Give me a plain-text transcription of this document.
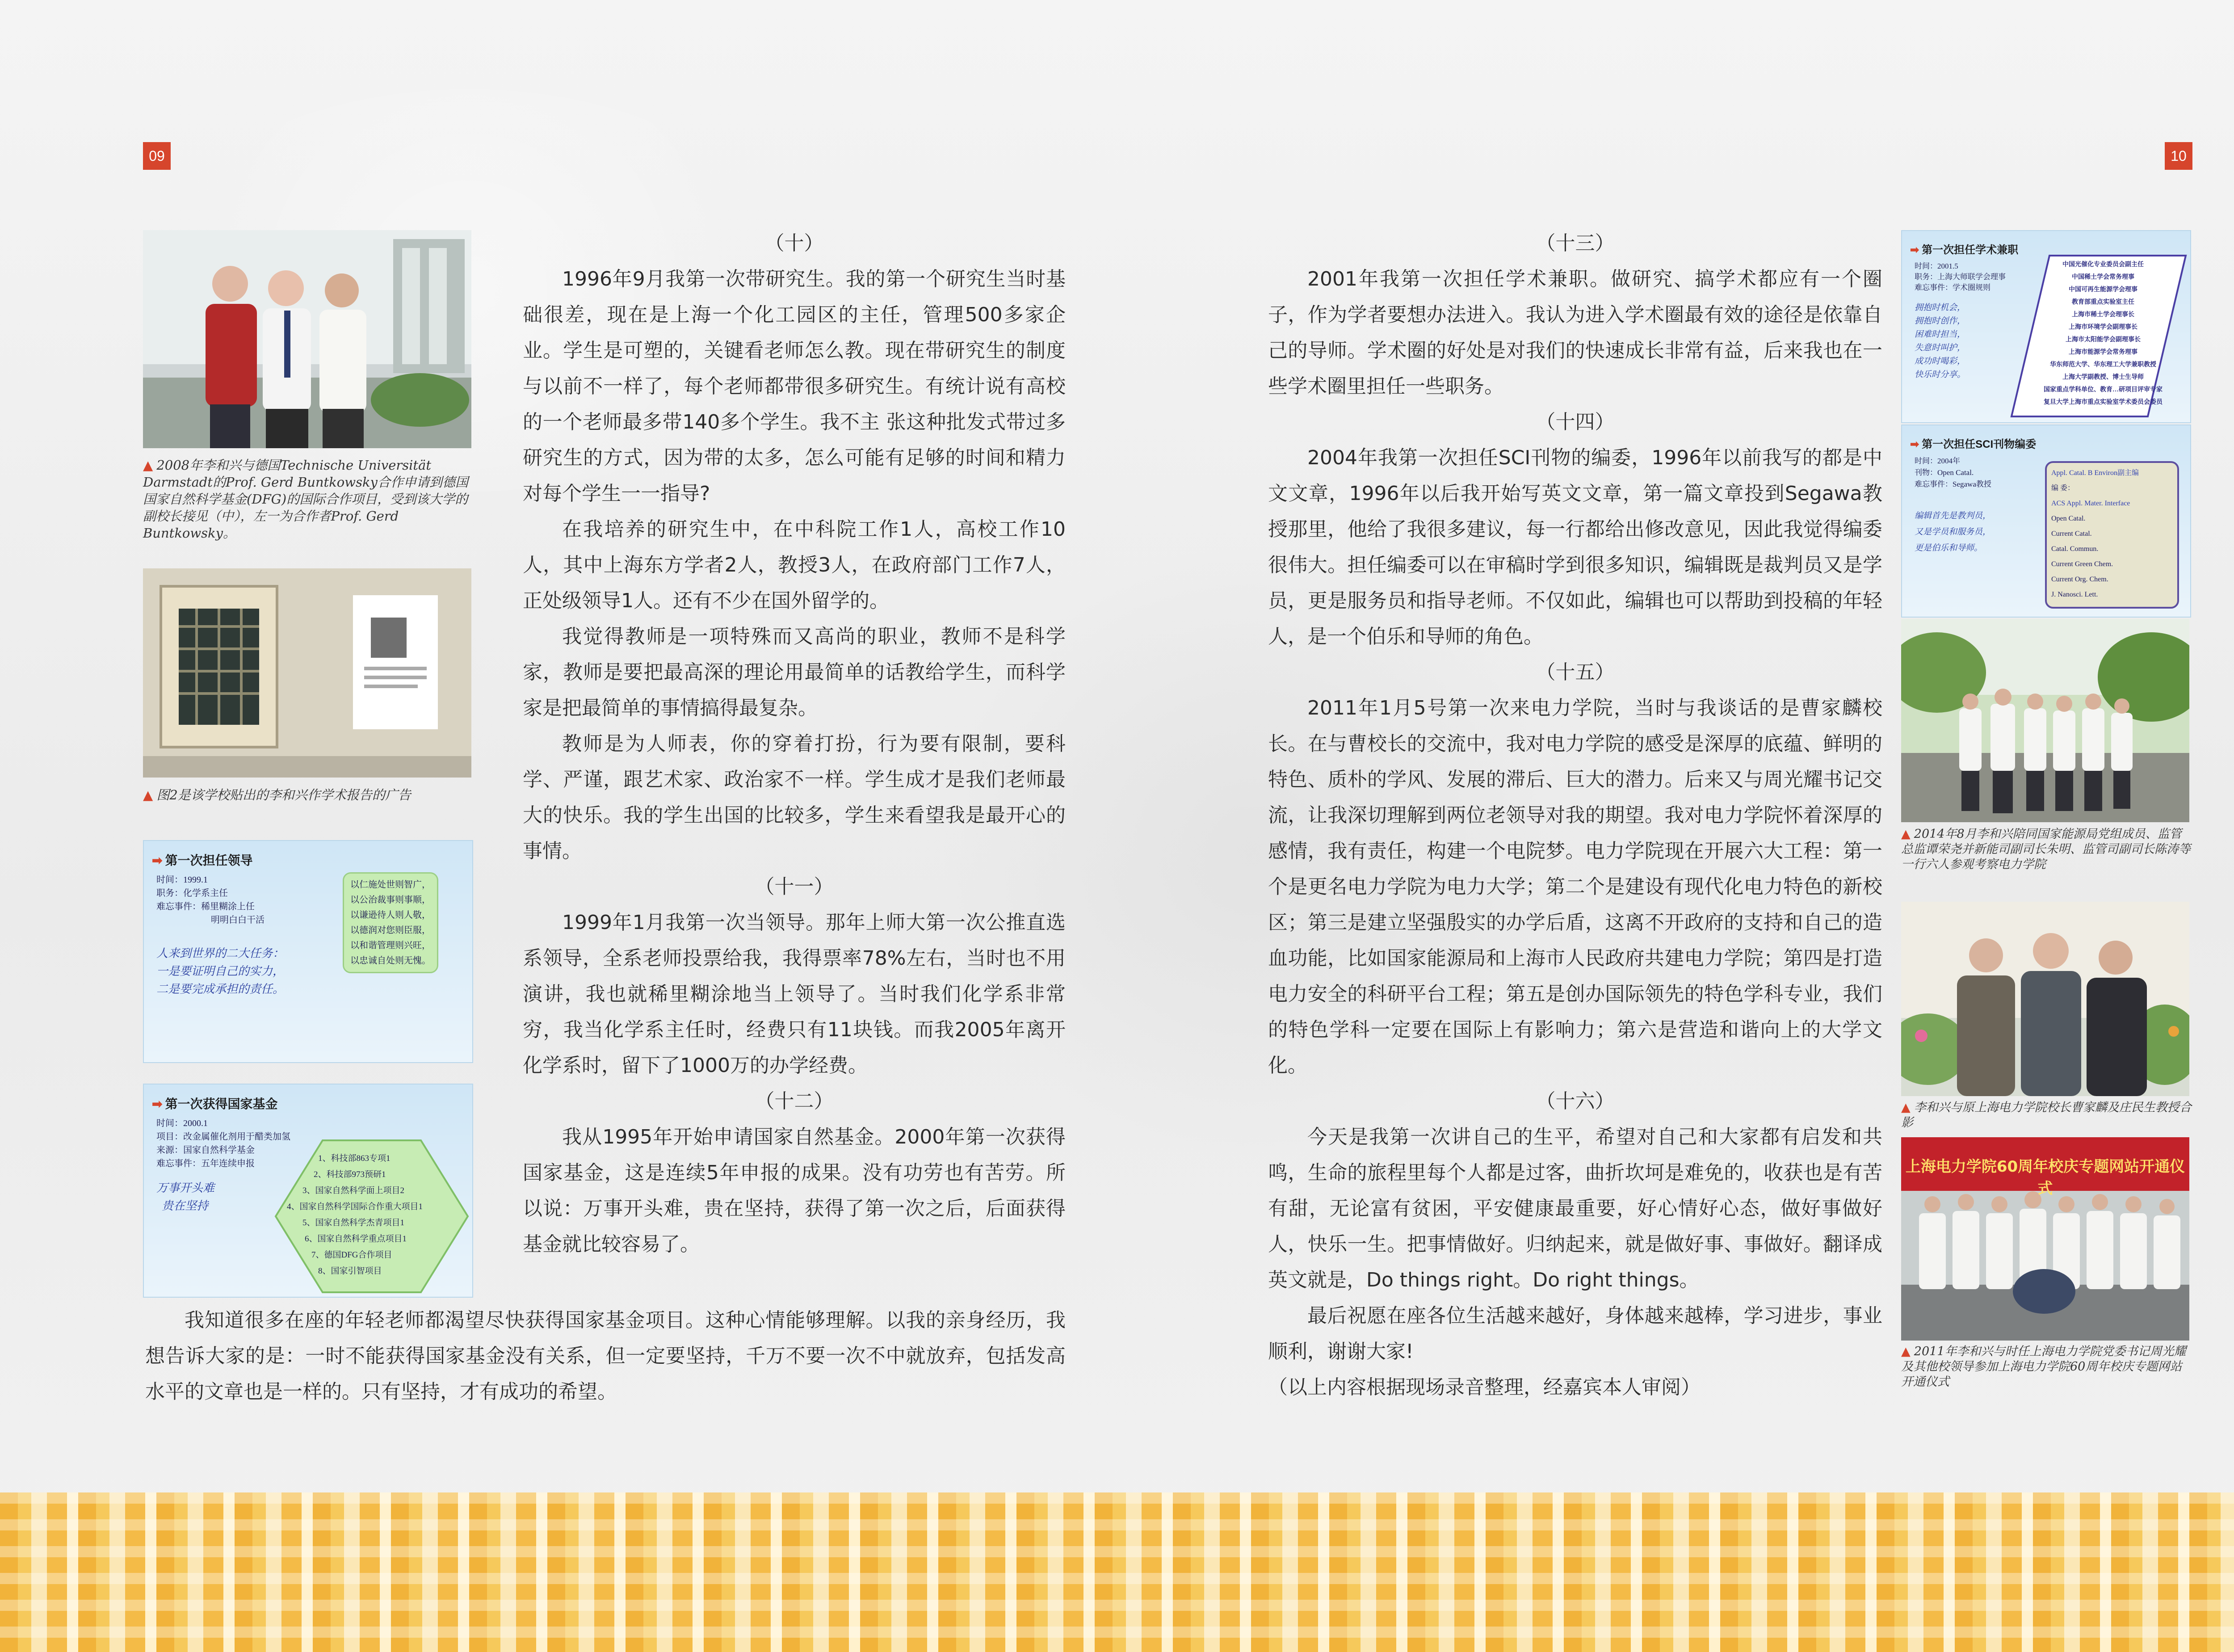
09	10
▲ 2008年李和兴与德国Technische Universität Darmstadt的Prof. Gerd Buntkowsky合作申请到德国国家自然科学基金(DFG)的国际合作项目，受到该大学的副校长接见（中），左一为合作者Prof. Gerd Buntkowsky。
▲ 图2是该学校贴出的李和兴作学术报告的广告
➡ 第一次担任领导
时间：1999.1
职务：化学系主任
难忘事件：稀里糊涂上任
明明白白干活
人来到世界的二大任务：
一是要证明自己的实力，
二是要完成承担的责任。
以仁施处世则智广，
以公治裁事则事顺，
以谦逊待人则人敬，
以德润对您则臣服，
以和谐管理则兴旺，
以忠诚自处则无愧。
➡ 第一次获得国家基金
时间：2000.1
项目：改金属催化剂用于醋类加氢
来源：国家自然科学基金
难忘事件：五年连续申报
万事开头难
贵在坚持
1、科技部863专项1
2、科技部973预研1
3、国家自然科学面上项目2
4、国家自然科学国际合作重大项目1
5、国家自然科学杰青项目1
6、国家自然科学重点项目1
7、德国DFG合作项目
8、国家引智项目

（十）

1996年9月我第一次带研究生。我的第一个研究生当时基础很差，现在是上海一个化工园区的主任，管理500多家企业。学生是可塑的，关键看老师怎么教。现在带研究生的制度与以前不一样了，每个老师都带很多研究生。有统计说有高校的一个老师最多带140多个学生。我不主 张这种批发式带过多研究生的方式，因为带的太多，怎么可能有足够的时间和精力对每个学生一一指导?

在我培养的研究生中，在中科院工作1人，高校工作10人，其中上海东方学者2人，教授3人，在政府部门工作7人，正处级领导1人。还有不少在国外留学的。

我觉得教师是一项特殊而又高尚的职业，教师不是科学家，教师是要把最高深的理论用最简单的话教给学生，而科学家是把最简单的事情搞得最复杂。

教师是为人师表，你的穿着打扮，行为要有限制，要科学、严谨，跟艺术家、政治家不一样。学生成才是我们老师最大的快乐。我的学生出国的比较多，学生来看望我是最开心的事情。

（十一）

1999年1月我第一次当领导。那年上师大第一次公推直选系领导，全系老师投票给我，我得票率78%左右，当时也不用演讲，我也就稀里糊涂地当上领导了。当时我们化学系非常穷，我当化学系主任时，经费只有11块钱。而我2005年离开化学系时，留下了1000万的办学经费。

（十二）

我从1995年开始申请国家自然基金。2000年第一次获得国家基金，这是连续5年申报的成果。没有功劳也有苦劳。所以说：万事开头难，贵在坚持，获得了第一次之后，后面获得基金就比较容易了。

我知道很多在座的年轻老师都渴望尽快获得国家基金项目。这种心情能够理解。以我的亲身经历，我想告诉大家的是：一时不能获得国家基金没有关系，但一定要坚持，千万不要一次不中就放弃，包括发高水平的文章也是一样的。只有坚持，才有成功的希望。

（十三）

2001年我第一次担任学术兼职。做研究、搞学术都应有一个圈子，作为学者要想办法进入。我认为进入学术圈最有效的途径是依靠自己的导师。学术圈的好处是对我们的快速成长非常有益，后来我也在一些学术圈里担任一些职务。

（十四）

2004年我第一次担任SCI刊物的编委，1996年以前我写的都是中文文章，1996年以后我开始写英文文章，第一篇文章投到Segawa教授那里，他给了我很多建议，每一行都给出修改意见，因此我觉得编委很伟大。担任编委可以在审稿时学到很多知识，编辑既是裁判员又是学员，更是服务员和指导老师。不仅如此，编辑也可以帮助到投稿的年轻人，是一个伯乐和导师的角色。

（十五）

2011年1月5号第一次来电力学院，当时与我谈话的是曹家麟校长。在与曹校长的交流中，我对电力学院的感受是深厚的底蕴、鲜明的特色、质朴的学风、发展的滞后、巨大的潜力。后来又与周光耀书记交流，让我深切理解到两位老领导对我的期望。我对电力学院怀着深厚的感情，我有责任，构建一个电院梦。电力学院现在开展六大工程：第一个是更名电力学院为电力大学；第二个是建设有现代化电力特色的新校区；第三是建立坚强殷实的办学后盾，这离不开政府的支持和自己的造血功能，比如国家能源局和上海市人民政府共建电力学院；第四是打造电力安全的科研平台工程；第五是创办国际领先的特色学科专业，我们的特色学科一定要在国际上有影响力；第六是营造和谐向上的大学文化。

（十六）

今天是我第一次讲自己的生平，希望对自己和大家都有启发和共鸣，生命的旅程里每个人都是过客，曲折坎坷是难免的，收获也是有苦有甜，无论富有贫困，平安健康最重要，好心情好心态，做好事做好人，快乐一生。把事情做好。归纳起来，就是做好事、事做好。翻译成英文就是，Do things right。Do right things。

最后祝愿在座各位生活越来越好，身体越来越棒，学习进步，事业顺利，谢谢大家!

（以上内容根据现场录音整理，经嘉宾本人审阅）

➡ 第一次担任学术兼职
时间：2001.5
职务：上海大师联学会理事
难忘事件：学术圈规则
拥抱时机会，
拥抱时创作，
困难时担当，
失意时叫护，
成功时喝彩，
快乐时分享。
中国光催化专业委员会副主任
中国稀土学会常务理事
中国可再生能源学会理事
教育部重点实验室主任
上海市稀土学会理事长
上海市环境学会副理事长
上海市太阳能学会副理事长
上海市能源学会常务理事
华东师范大学、华东理工大学兼职教授
上海大学副教授、博士生导师
国家重点学科单位、教育…研项目评审专家
复旦大学上海市重点实验室学术委员会委员
➡ 第一次担任SCI刊物编委
时间：2004年
刊物：Open Catal.
难忘事件：Segawa教授
编辑首先是教判员，
又是学员和服务员，
更是伯乐和导师。
Appl. Catal. B Environ副主编
编 委：
ACS Appl. Mater. Interface
Open Catal.
Current Catal.
Catal. Commun.
Current Green Chem.
Current Org. Chem.
J. Nanosci. Lett.
▲ 2014年8月李和兴陪同国家能源局党组成员、监管总监谭荣尧并新能司副司长朱明、监管司副司长陈涛等一行六人参观考察电力学院
▲ 李和兴与原上海电力学院校长曹家麟及庄民生教授合影
上海电力学院60周年校庆专题网站开通仪式
▲ 2011年李和兴与时任上海电力学院党委书记周光耀及其他校领导参加上海电力学院60周年校庆专题网站开通仪式
